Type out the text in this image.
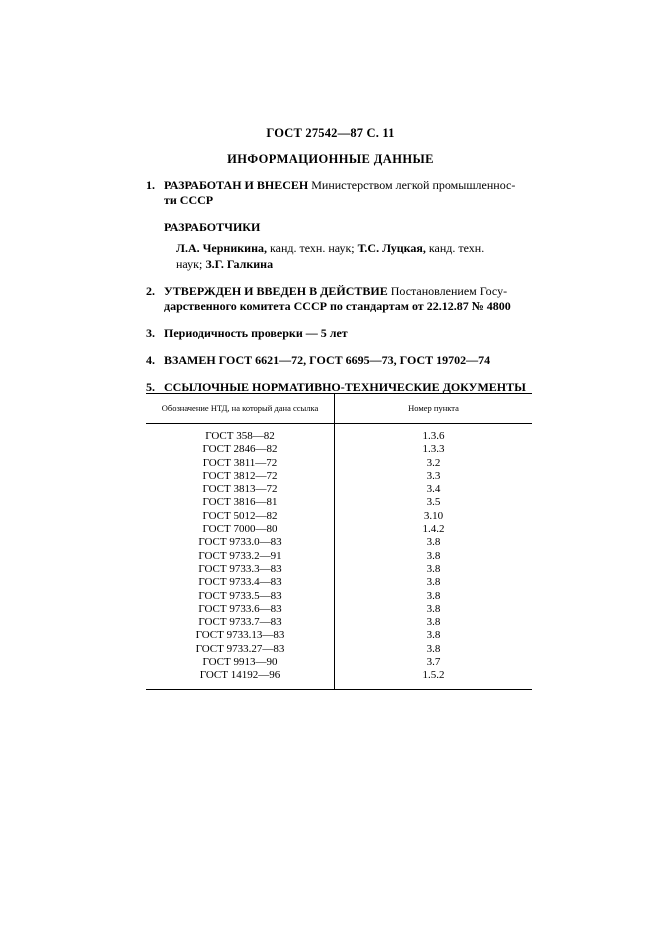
ГОСТ 27542—87 С. 11
ИНФОРМАЦИОННЫЕ ДАННЫЕ
1. РАЗРАБОТАН И ВНЕСЕН Министерством легкой промышленнос-
ти СССР
РАЗРАБОТЧИКИ
Л.А. Черникина, канд. техн. наук; Т.С. Луцкая, канд. техн.
наук; З.Г. Галкина
2. УТВЕРЖДЕН И ВВЕДЕН В ДЕЙСТВИЕ Постановлением Госу-
дарственного комитета СССР по стандартам от 22.12.87 № 4800
3. Периодичность проверки — 5 лет
4. ВЗАМЕН ГОСТ 6621—72, ГОСТ 6695—73, ГОСТ 19702—74
5. ССЫЛОЧНЫЕ НОРМАТИВНО-ТЕХНИЧЕСКИЕ ДОКУМЕНТЫ
Обозначение НТД, на который дана ссылка	Номер пункта
ГОСТ 358—82	1.3.6
ГОСТ 2846—82	1.3.3
ГОСТ 3811—72	3.2
ГОСТ 3812—72	3.3
ГОСТ 3813—72	3.4
ГОСТ 3816—81	3.5
ГОСТ 5012—82	3.10
ГОСТ 7000—80	1.4.2
ГОСТ 9733.0—83	3.8
ГОСТ 9733.2—91	3.8
ГОСТ 9733.3—83	3.8
ГОСТ 9733.4—83	3.8
ГОСТ 9733.5—83	3.8
ГОСТ 9733.6—83	3.8
ГОСТ 9733.7—83	3.8
ГОСТ 9733.13—83	3.8
ГОСТ 9733.27—83	3.8
ГОСТ 9913—90	3.7
ГОСТ 14192—96	1.5.2
